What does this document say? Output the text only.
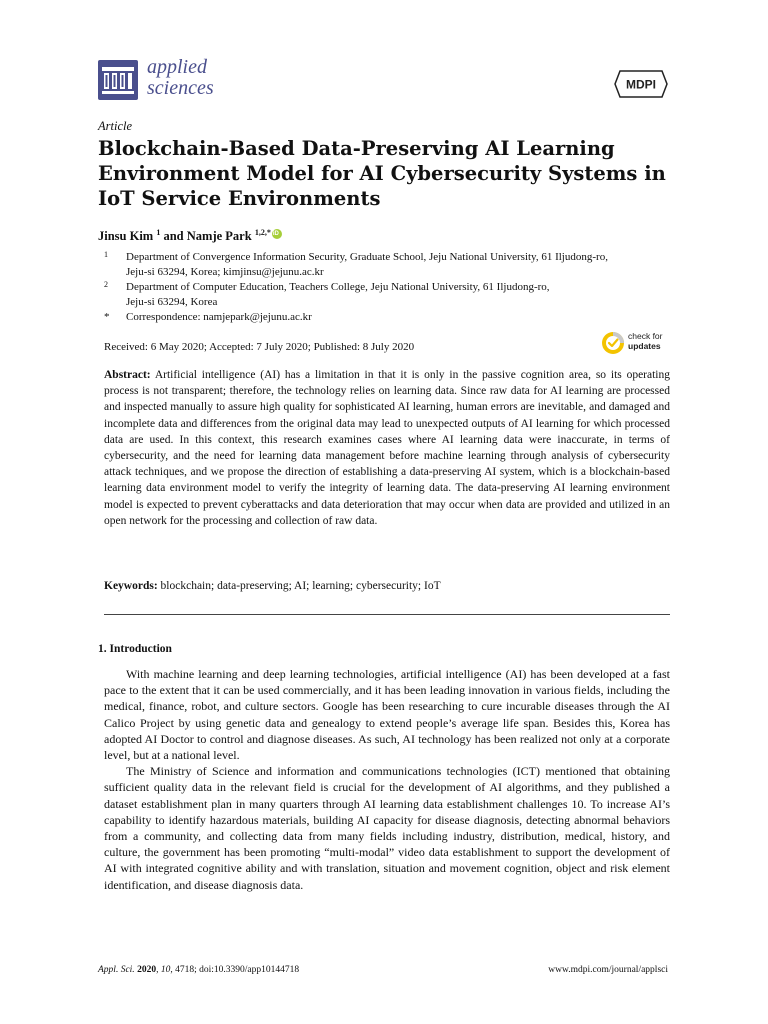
applied
sciences	MDPI
Article
Blockchain-Based Data-Preserving AI Learning
Environment Model for AI Cybersecurity Systems in
IoT Service Environments
Jinsu Kim $^1$ and Namje Park $^{1,2,*}$iD
1 Department of Convergence Information Security, Graduate School, Jeju National University, 61 Iljudong-ro,
Jeju-si 63294, Korea; kimjinsu@jejunu.ac.kr
2 Department of Computer Education, Teachers College, Jeju National University, 61 Iljudong-ro,
Jeju-si 63294, Korea
* Correspondence: namjepark@jejunu.ac.kr
Received: 6 May 2020; Accepted: 7 July 2020; Published: 8 July 2020
check for
updates

Abstract: Artificial intelligence (AI) has a limitation in that it is only in the passive cognition area, so its operating process is not transparent; therefore, the technology relies on learning data. Since raw data for AI learning are processed and inspected manually to assure high quality for sophisticated AI learning, human errors are inevitable, and damaged and incomplete data and differences from the original data may lead to unexpected outputs of AI learning for which processed data are used. In this context, this research examines cases where AI learning data were inaccurate, in terms of cybersecurity, and the need for learning data management before machine learning through analysis of cybersecurity attack techniques, and we propose the direction of establishing a data-preserving AI system, which is a blockchain-based learning data environment model to verify the integrity of learning data. The data-preserving AI learning environment model is expected to prevent cyberattacks and data deterioration that may occur when data are provided and utilized in an open network for the processing and collection of raw data.

Keywords: blockchain; data-preserving; AI; learning; cybersecurity; IoT
1. Introduction

With machine learning and deep learning technologies, artificial intelligence (AI) has been developed at a fast pace to the extent that it can be used commercially, and it has been leading innovation in various fields, including the medical, finance, robot, and culture sectors. Google has been researching to cure incurable diseases through the AI Calico Project by using genetic data and genealogy to extend people’s average life span. Besides this, Korea has adopted AI Doctor to control and diagnose diseases. As such, AI technology has been realized not only at a corporate level, but at a national level.

The Ministry of Science and information and communications technologies (ICT) mentioned that obtaining sufficient quality data in the relevant field is crucial for the development of AI algorithms, and they published a dataset establishment plan in many quarters through AI learning data establishment challenges 10. To increase AI’s capability to identify hazardous materials, building AI capacity for disease diagnosis, detecting abnormal behaviors from a community, and collecting data from many fields including industry, distribution, medical, history, and culture, the government has been promoting “multi-modal” video data establishment to support the development of AI with integrated cognitive ability and with translation, situation and movement cognition, object and risk element identification, and disease diagnosis data.

Appl. Sci. 2020, 10, 4718; doi:10.3390/app10144718	www.mdpi.com/journal/applsci
